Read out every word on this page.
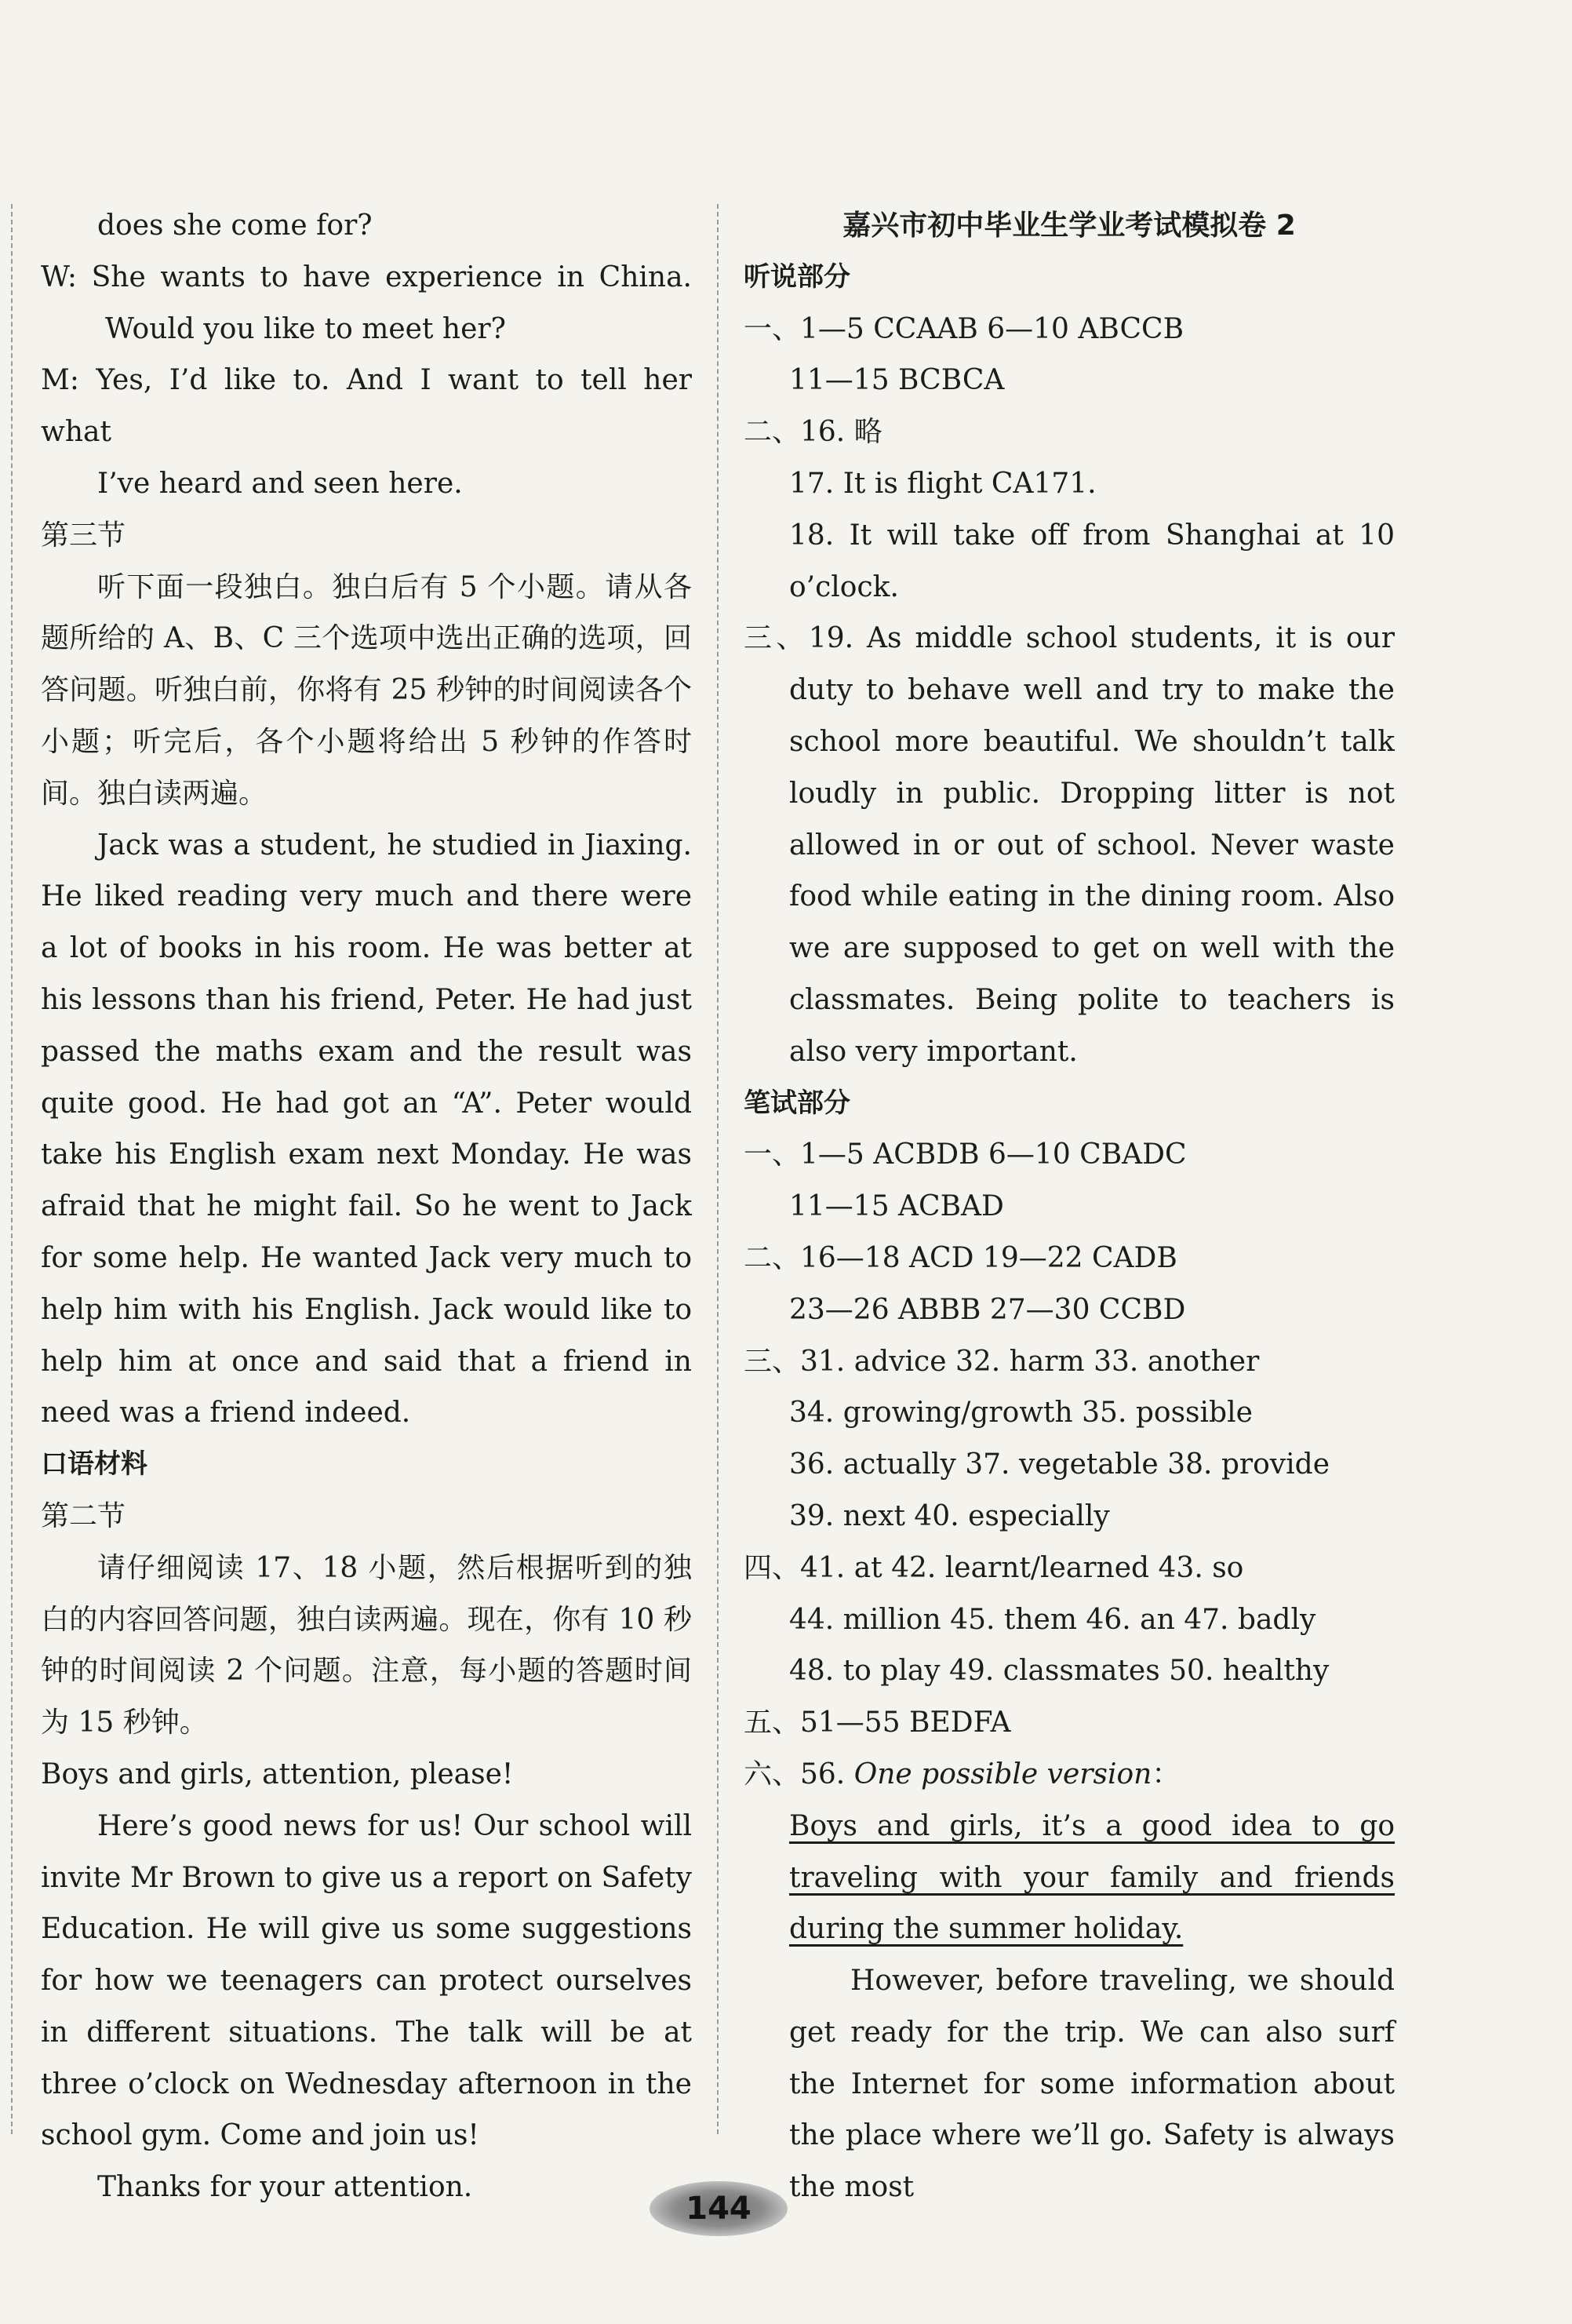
does she come for?

W: She wants to have experience in China.

Would you like to meet her?

M: Yes, I’d like to. And I want to tell her what

I’ve heard and seen here.

第三节

听下面一段独白。独白后有 5 个小题。请从各题所给的 A、B、C 三个选项中选出正确的选项，回答问题。听独白前，你将有 25 秒钟的时间阅读各个小题；听完后，各个小题将给出 5 秒钟的作答时间。独白读两遍。

Jack was a student, he studied in Jiaxing. He liked reading very much and there were a lot of books in his room. He was better at his lessons than his friend, Peter. He had just passed the maths exam and the result was quite good. He had got an “A”. Peter would take his English exam next Monday. He was afraid that he might fail. So he went to Jack for some help. He wanted Jack very much to help him with his English. Jack would like to help him at once and said that a friend in need was a friend indeed.

口语材料

第二节

请仔细阅读 17、18 小题，然后根据听到的独白的内容回答问题，独白读两遍。现在，你有 10 秒钟的时间阅读 2 个问题。注意，每小题的答题时间为 15 秒钟。

Boys and girls, attention, please!

Here’s good news for us! Our school will invite Mr Brown to give us a report on Safety Education. He will give us some suggestions for how we teenagers can protect ourselves in different situations. The talk will be at three o’clock on Wednesday afternoon in the school gym. Come and join us!

Thanks for your attention.

嘉兴市初中毕业生学业考试模拟卷 2

听说部分

一、1—5 CCAAB 6—10 ABCCB

11—15 BCBCA

二、16. 略

17. It is flight CA171.

18. It will take off from Shanghai at 10 o’clock.

三、19. As middle school students, it is our duty to behave well and try to make the school more beautiful. We shouldn’t talk loudly in public. Dropping litter is not allowed in or out of school. Never waste food while eating in the dining room. Also we are supposed to get on well with the classmates. Being polite to teachers is also very important.

笔试部分

一、1—5 ACBDB 6—10 CBADC

11—15 ACBAD

二、16—18 ACD 19—22 CADB

23—26 ABBB 27—30 CCBD

三、31. advice 32. harm 33. another

34. growing/growth 35. possible

36. actually 37. vegetable 38. provide

39. next 40. especially

四、41. at 42. learnt/learned 43. so

44. million 45. them 46. an 47. badly

48. to play 49. classmates 50. healthy

五、51—55 BEDFA

六、56. One possible version：

Boys and girls, it’s a good idea to go traveling with your family and friends during the summer holiday.

However, before traveling, we should get ready for the trip. We can also surf the Internet for some information about the place where we’ll go. Safety is always the most

144
